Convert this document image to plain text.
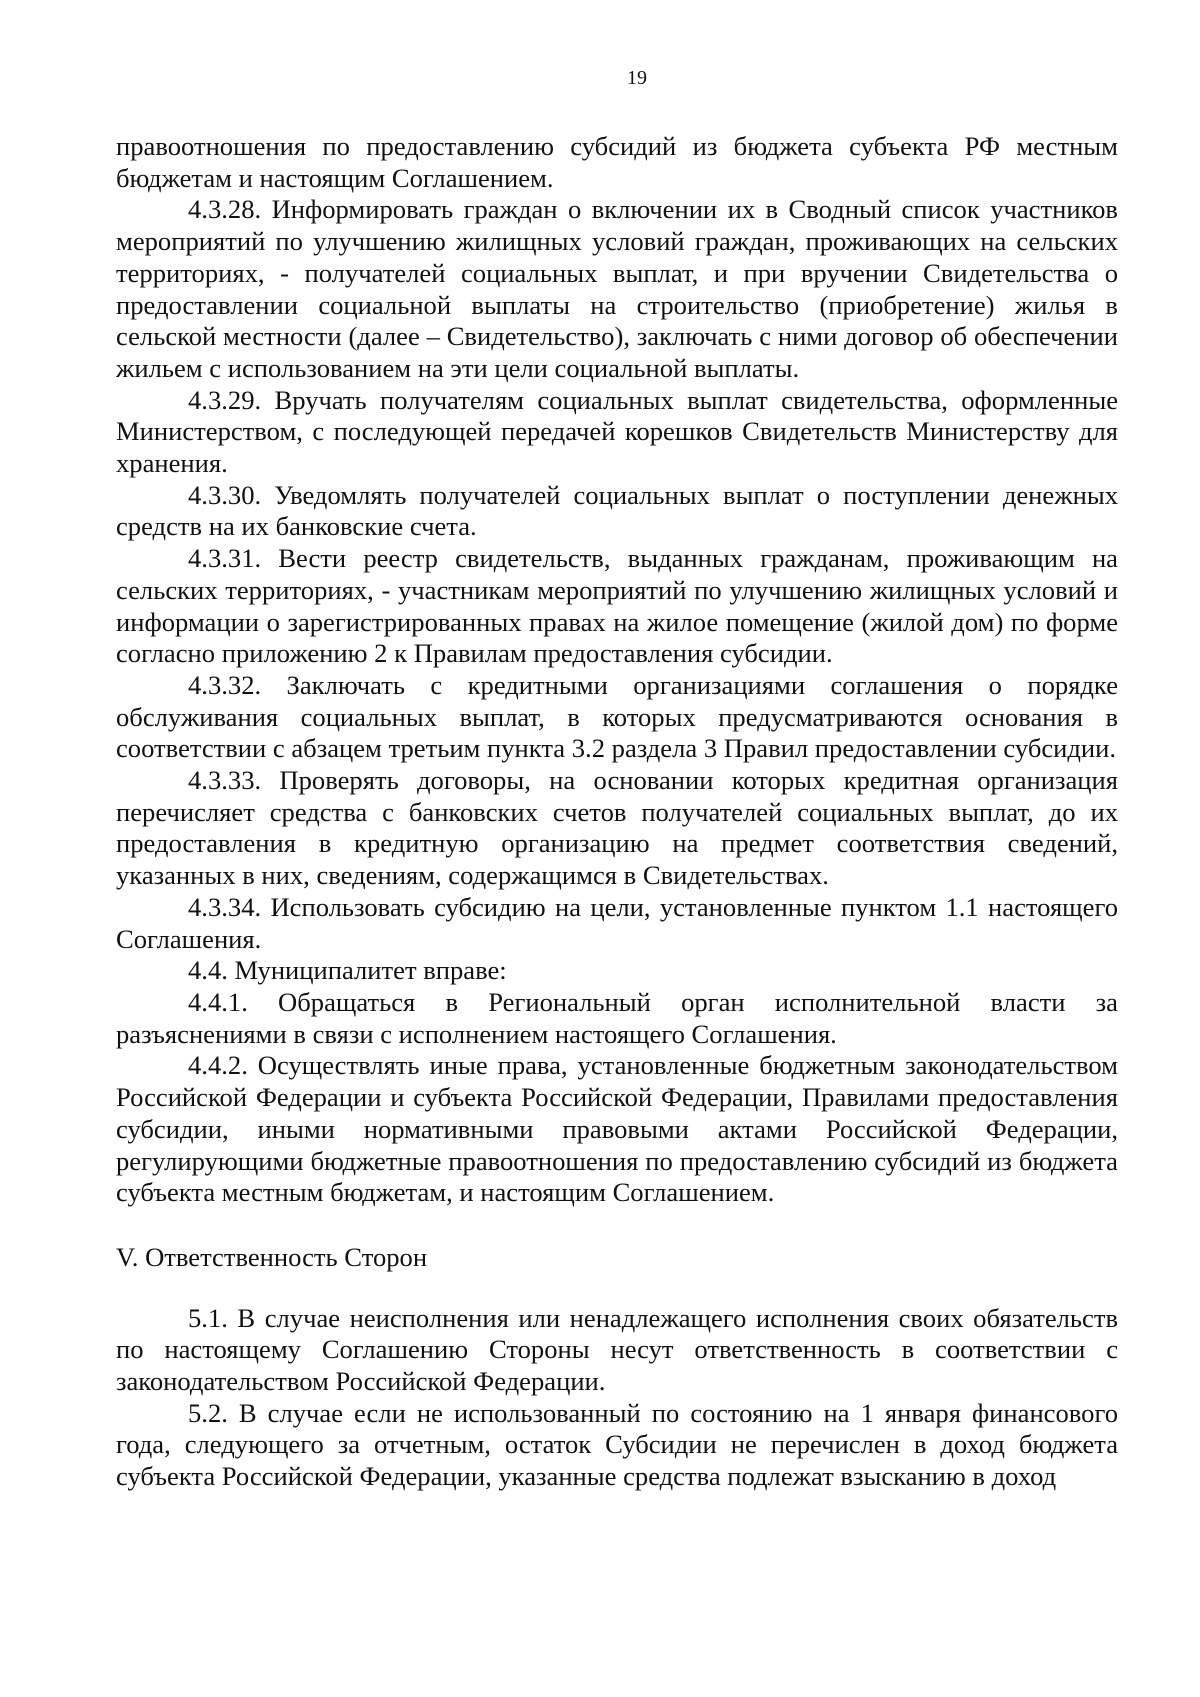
19

правоотношения по предоставлению субсидий из бюджета субъекта РФ местным бюджетам и настоящим Соглашением.

4.3.28. Информировать граждан о включении их в Сводный список участников мероприятий по улучшению жилищных условий граждан, проживающих на сельских территориях, - получателей социальных выплат, и при вручении Свидетельства о предоставлении социальной выплаты на строительство (приобретение) жилья в сельской местности (далее – Свидетельство), заключать с ними договор об обеспечении жильем с использованием на эти цели социальной выплаты.

4.3.29. Вручать получателям социальных выплат свидетельства, оформленные Министерством, с последующей передачей корешков Свидетельств Министерству для хранения.

4.3.30. Уведомлять получателей социальных выплат о поступлении денежных средств на их банковские счета.

4.3.31. Вести реестр свидетельств, выданных гражданам, проживающим на сельских территориях, - участникам мероприятий по улучшению жилищных условий и информации о зарегистрированных правах на жилое помещение (жилой дом) по форме согласно приложению 2 к Правилам предоставления субсидии.

4.3.32. Заключать с кредитными организациями соглашения о порядке обслуживания социальных выплат, в которых предусматриваются основания в соответствии с абзацем третьим пункта 3.2 раздела 3 Правил предоставлении субсидии.

4.3.33. Проверять договоры, на основании которых кредитная организация перечисляет средства с банковских счетов получателей социальных выплат, до их предоставления в кредитную организацию на предмет соответствия сведений, указанных в них, сведениям, содержащимся в Свидетельствах.

4.3.34. Использовать субсидию на цели, установленные пунктом 1.1 настоящего Соглашения.

4.4. Муниципалитет вправе:

4.4.1. Обращаться в Региональный орган исполнительной власти за разъяснениями в связи с исполнением настоящего Соглашения.

4.4.2. Осуществлять иные права, установленные бюджетным законодательством Российской Федерации и субъекта Российской Федерации, Правилами предоставления субсидии, иными нормативными правовыми актами Российской Федерации, регулирующими бюджетные правоотношения по предоставлению субсидий из бюджета субъекта местным бюджетам, и настоящим Соглашением.

V. Ответственность Сторон

5.1. В случае неисполнения или ненадлежащего исполнения своих обязательств по настоящему Соглашению Стороны несут ответственность в соответствии с законодательством Российской Федерации.

5.2. В случае если не использованный по состоянию на 1 января финансового года, следующего за отчетным, остаток Субсидии не перечислен в доход бюджета субъекта Российской Федерации, указанные средства подлежат взысканию в доход
